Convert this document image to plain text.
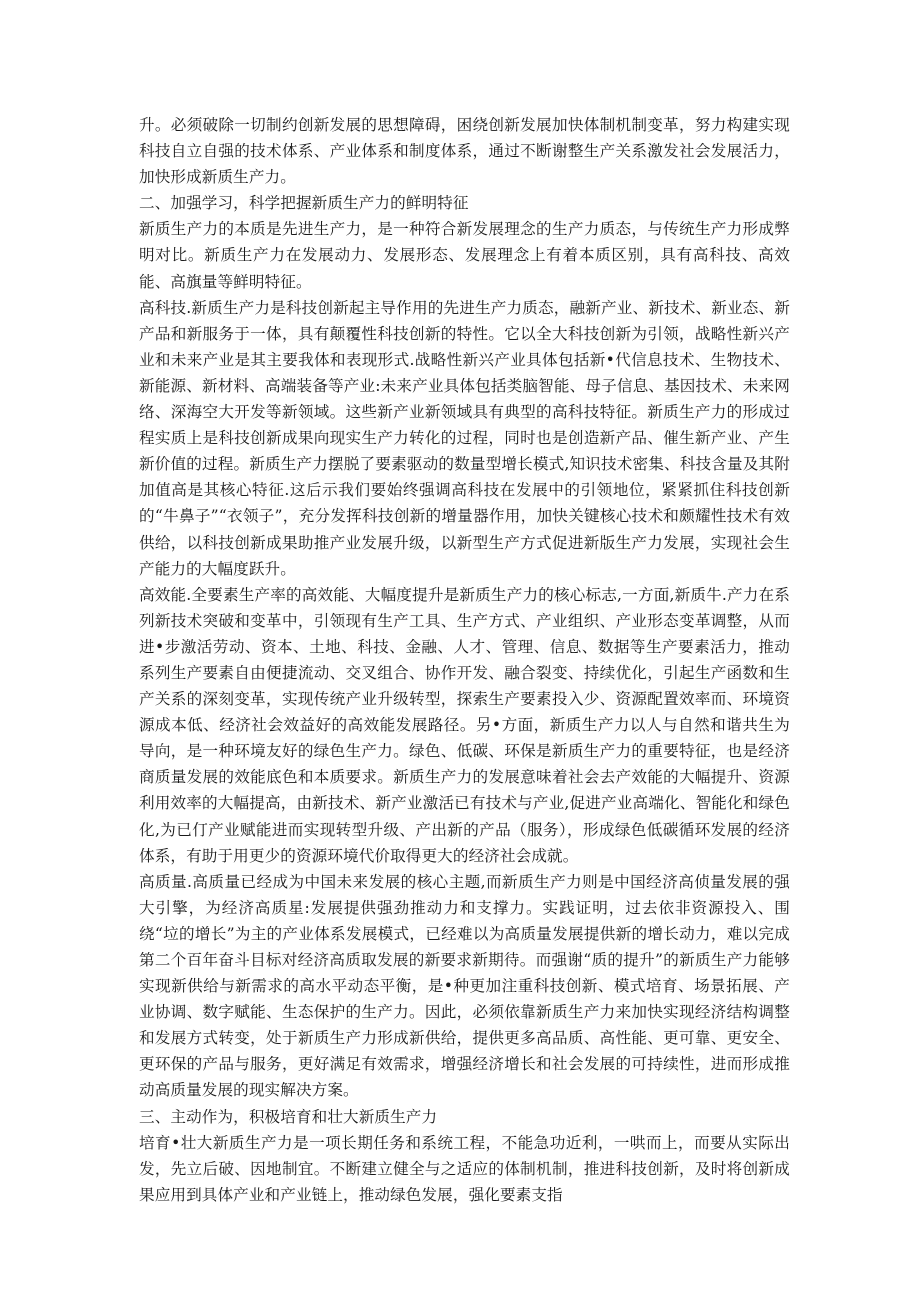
升。必须破除一切制约创新发展的思想障碍，困绕创新发展加快体制机制变革，努力构建实现科技自立自强的技术体系、产业体系和制度体系，通过不断谢整生产关系激发社会发展活力，加快形成新质生产力。

二、加强学习，科学把握新质生产力的鲜明特征

新质生产力的本质是先进生产力，是一种符合新发展理念的生产力质态，与传统生产力形成弊明对比。新质生产力在发展动力、发展形态、发展理念上有着本质区别，具有高科技、高效能、高旗量等鲜明特征。

高科技.新质生产力是科技创新起主导作用的先进生产力质态，融新产业、新技术、新业态、新产品和新服务于一体，具有颠覆性科技创新的特性。它以全大科技创新为引领，战略性新兴产业和未来产业是其主要我体和表现形式.战略性新兴产业具体包括新•代信息技术、生物技术、新能源、新材料、高端装备等产业:未来产业具体包括类脑智能、母子信息、基因技术、未来网络、深海空大开发等新领域。这些新产业新领域具有典型的高科技特征。新质生产力的形成过程实质上是科技创新成果向现实生产力转化的过程，同时也是创造新产品、催生新产业、产生新价值的过程。新质生产力摆脱了要素驱动的数量型增长模式,知识技术密集、科技含量及其附加值高是其核心特征.这后示我们要始终强调高科技在发展中的引领地位，紧紧抓住科技创新的“牛鼻子”“衣领子”，充分发挥科技创新的增量器作用，加快关键核心技术和颇耀性技术有效供给，以科技创新成果助推产业发展升级，以新型生产方式促进新版生产力发展，实现社会生产能力的大幅度跃升。

高效能.全要素生产率的高效能、大幅度提升是新质生产力的核心标志,一方面,新质牛.产力在系列新技术突破和变革中，引领现有生产工具、生产方式、产业组织、产业形态变革调整，从而进•步激活劳动、资本、土地、科技、金融、人才、管理、信息、数据等生产要素活力，推动系列生产要素自由便捷流动、交叉组合、协作开发、融合裂变、持续优化，引起生产函数和生产关系的深刻变革，实现传统产业升级转型，探索生产要素投入少、资源配置效率而、环境资源成本低、经济社会效益好的高效能发展路径。另•方面，新质生产力以人与自然和谐共生为导向，是一种环境友好的绿色生产力。绿色、低碳、环保是新质生产力的重要特征，也是经济商质量发展的效能底色和本质要求。新质生产力的发展意味着社会去产效能的大幅提升、资源利用效率的大幅提高，由新技术、新产业激活已有技术与产业,促进产业高端化、智能化和绿色化,为已仃产业赋能进而实现转型升级、产出新的产品（服务），形成绿色低碳循环发展的经济体系，有助于用更少的资源环境代价取得更大的经济社会成就。

高质量.高质量已经成为中国未来发展的核心主题,而新质生产力则是中国经济高侦量发展的强大引擎，为经济高质星:发展提供强劲推动力和支撑力。实践证明，过去依非资源投入、围绕“垃的增长”为主的产业体系发展模式，已经难以为高质量发展提供新的增长动力，难以完成第二个百年奋斗目标对经济高质取发展的新要求新期待。而强谢“质的提升”的新质生产力能够实现新供给与新需求的高水平动态平衡，是•种更加注重科技创新、模式培育、场景拓展、产业协调、数字赋能、生态保护的生产力。因此，必须依靠新质生产力来加快实现经济结构调整和发展方式转变，处于新质生产力形成新供给，提供更多高品质、高性能、更可靠、更安全、更环保的产品与服务，更好满足有效需求，增强经济增长和社会发展的可持续性，进而形成推动高质量发展的现实解决方案。

三、主动作为，积极培育和壮大新质生产力

培育•壮大新质生产力是一项长期任务和系统工程，不能急功近利，一哄而上，而要从实际出发，先立后破、因地制宜。不断建立健全与之适应的体制机制，推进科技创新，及时将创新成果应用到具体产业和产业链上，推动绿色发展，强化要素支指
